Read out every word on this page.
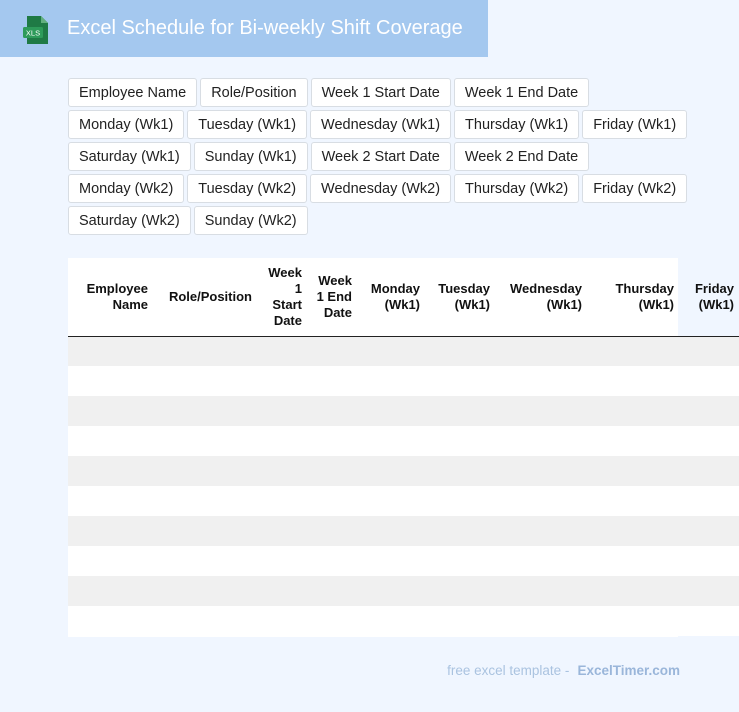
XLS Excel Schedule for Bi-weekly Shift Coverage
Employee Name	Role/Position	Week 1 Start Date	Week 1 End Date
Monday (Wk1)	Tuesday (Wk1)	Wednesday (Wk1)	Thursday (Wk1)	Friday (Wk1)
Saturday (Wk1)	Sunday (Wk1)	Week 2 Start Date	Week 2 End Date
Monday (Wk2)	Tuesday (Wk2)	Wednesday (Wk2)	Thursday (Wk2)	Friday (Wk2)
Saturday (Wk2)	Sunday (Wk2)
Employee Name	Role/Position	Week 1 Start Date	Week 1 End Date	Monday (Wk1)	Tuesday (Wk1)	Wednesday (Wk1)	Thursday (Wk1)	Friday (Wk1)

free excel template - ExcelTimer.com
